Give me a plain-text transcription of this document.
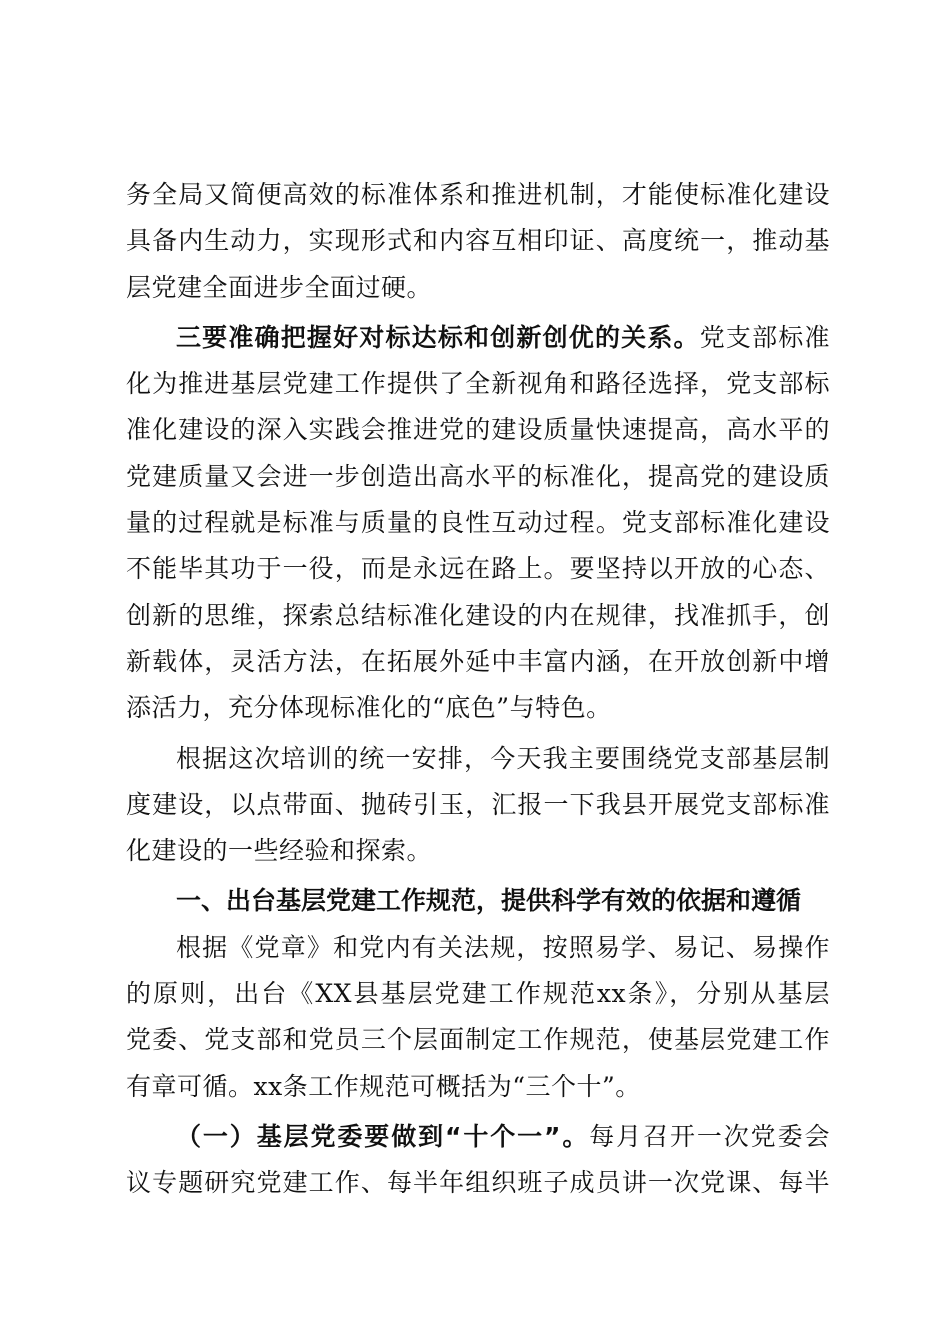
务全局又简便高效的标准体系和推进机制，才能使标准化建设
具备内生动力，实现形式和内容互相印证、高度统一，推动基
层党建全面进步全面过硬。
三要准确把握好对标达标和创新创优的关系。党支部标准
化为推进基层党建工作提供了全新视角和路径选择，党支部标
准化建设的深入实践会推进党的建设质量快速提高，高水平的
党建质量又会进一步创造出高水平的标准化，提高党的建设质
量的过程就是标准与质量的良性互动过程。党支部标准化建设
不能毕其功于一役，而是永远在路上。要坚持以开放的心态、
创新的思维，探索总结标准化建设的内在规律，找准抓手，创
新载体，灵活方法，在拓展外延中丰富内涵，在开放创新中增
添活力，充分体现标准化的“底色”与特色。
根据这次培训的统一安排，今天我主要围绕党支部基层制
度建设，以点带面、抛砖引玉，汇报一下我县开展党支部标准
化建设的一些经验和探索。
一、出台基层党建工作规范，提供科学有效的依据和遵循
根据《党章》和党内有关法规，按照易学、易记、易操作
的原则，出台《XX县基层党建工作规范xx条》，分别从基层
党委、党支部和党员三个层面制定工作规范，使基层党建工作
有章可循。xx条工作规范可概括为“三个十”。
（一）基层党委要做到“十个一”。每月召开一次党委会
议专题研究党建工作、每半年组织班子成员讲一次党课、每半
